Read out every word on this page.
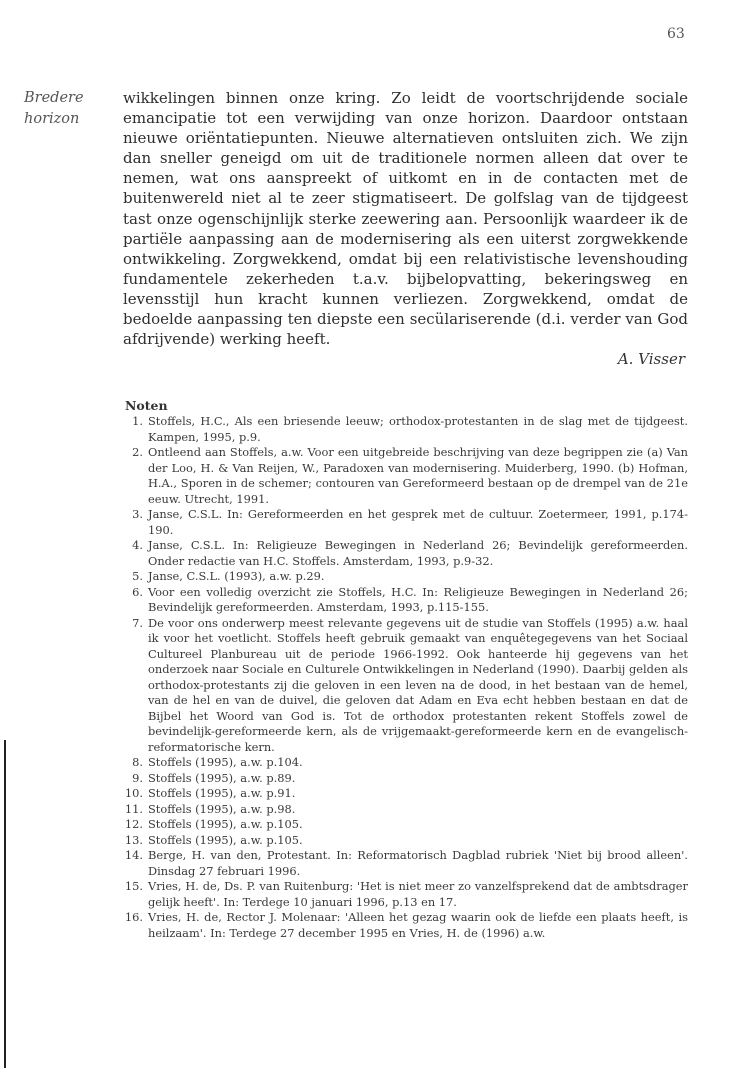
63
Bredere horizon

wikkelingen binnen onze kring. Zo leidt de voortschrijdende sociale emancipatie tot een verwijding van onze horizon. Daardoor ontstaan nieuwe oriëntatiepunten. Nieuwe alternatieven ontsluiten zich. We zijn dan sneller geneigd om uit de traditionele normen alleen dat over te nemen, wat ons aanspreekt of uitkomt en in de contacten met de buitenwereld niet al te zeer stigmatiseert. De golfslag van de tijdgeest tast onze ogenschijnlijk sterke zeewering aan. Persoonlijk waardeer ik de partiële aanpassing aan de modernisering als een uiterst zorgwekkende ontwikkeling. Zorgwekkend, omdat bij een relativistische levenshouding fundamentele zekerheden t.a.v. bijbelopvatting, bekeringsweg en levensstijl hun kracht kunnen verliezen. Zorgwekkend, omdat de bedoelde aanpassing ten diepste een secülariserende (d.i. verder van God afdrijvende) werking heeft.

A. Visser
Noten
1. Stoffels, H.C., Als een briesende leeuw; orthodox-protestanten in de slag met de tijdgeest. Kampen, 1995, p.9.
2. Ontleend aan Stoffels, a.w. Voor een uitgebreide beschrijving van deze begrippen zie (a) Van der Loo, H. & Van Reijen, W., Paradoxen van modernisering. Muiderberg, 1990. (b) Hofman, H.A., Sporen in de schemer; contouren van Gereformeerd bestaan op de drempel van de 21e eeuw. Utrecht, 1991.
3. Janse, C.S.L. In: Gereformeerden en het gesprek met de cultuur. Zoetermeer, 1991, p.174-190.
4. Janse, C.S.L. In: Religieuze Bewegingen in Nederland 26; Bevindelijk gereformeerden. Onder redactie van H.C. Stoffels. Amsterdam, 1993, p.9-32.
5. Janse, C.S.L. (1993), a.w. p.29.
6. Voor een volledig overzicht zie Stoffels, H.C. In: Religieuze Bewegingen in Nederland 26; Bevindelijk gereformeerden. Amsterdam, 1993, p.115-155.
7. De voor ons onderwerp meest relevante gegevens uit de studie van Stoffels (1995) a.w. haal ik voor het voetlicht. Stoffels heeft gebruik gemaakt van enquêtegegevens van het Sociaal Cultureel Planbureau uit de periode 1966-1992. Ook hanteerde hij gegevens van het onderzoek naar Sociale en Culturele Ontwikkelingen in Nederland (1990). Daarbij gelden als orthodox-protestants zij die geloven in een leven na de dood, in het bestaan van de hemel, van de hel en van de duivel, die geloven dat Adam en Eva echt hebben bestaan en dat de Bijbel het Woord van God is. Tot de orthodox protestanten rekent Stoffels zowel de bevindelijk-gereformeerde kern, als de vrijgemaakt-gereformeerde kern en de evangelisch-reformatorische kern.
8. Stoffels (1995), a.w. p.104.
9. Stoffels (1995), a.w. p.89.
10. Stoffels (1995), a.w. p.91.
11. Stoffels (1995), a.w. p.98.
12. Stoffels (1995), a.w. p.105.
13. Stoffels (1995), a.w. p.105.
14. Berge, H. van den, Protestant. In: Reformatorisch Dagblad rubriek 'Niet bij brood alleen'. Dinsdag 27 februari 1996.
15. Vries, H. de, Ds. P. van Ruitenburg: 'Het is niet meer zo vanzelfsprekend dat de ambtsdrager gelijk heeft'. In: Terdege 10 januari 1996, p.13 en 17.
16. Vries, H. de, Rector J. Molenaar: 'Alleen het gezag waarin ook de liefde een plaats heeft, is heilzaam'. In: Terdege 27 december 1995 en Vries, H. de (1996) a.w.
